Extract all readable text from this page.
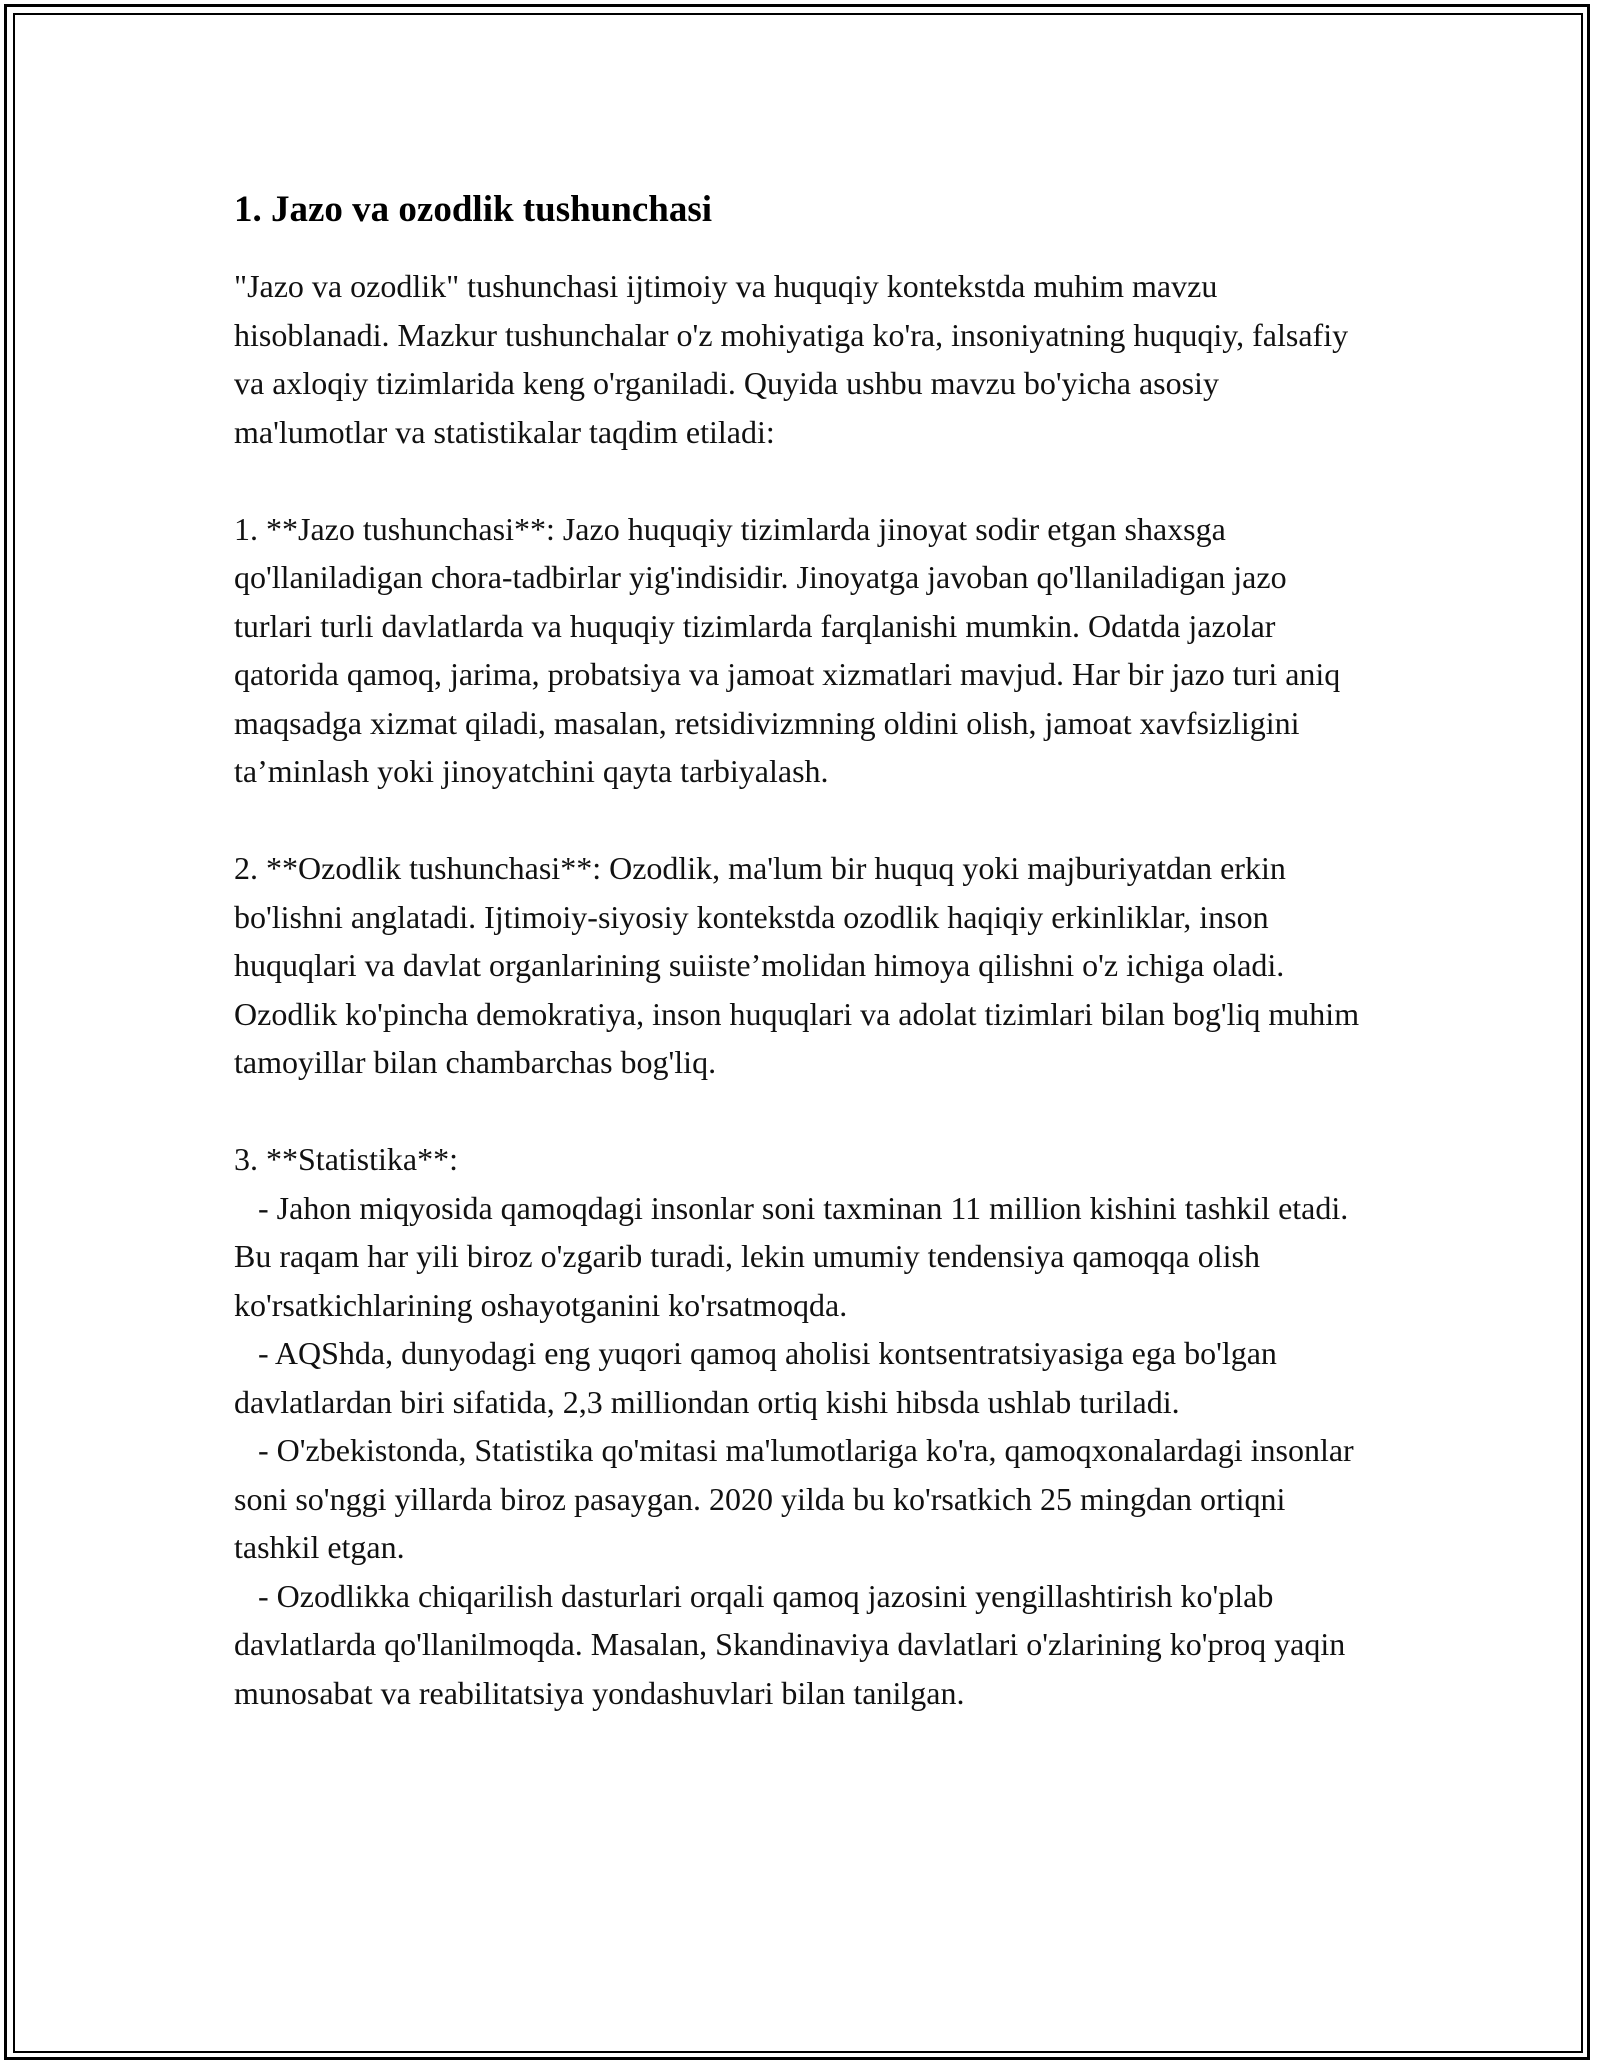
1. Jazo va ozodlik tushunchasi

"Jazo va ozodlik" tushunchasi ijtimoiy va huquqiy kontekstda muhim mavzu hisoblanadi. Mazkur tushunchalar o'z mohiyatiga ko'ra, insoniyatning huquqiy, falsafiy va axloqiy tizimlarida keng o'rganiladi. Quyida ushbu mavzu bo'yicha asosiy ma'lumotlar va statistikalar taqdim etiladi:

1. **Jazo tushunchasi**: Jazo huquqiy tizimlarda jinoyat sodir etgan shaxsga qo'llaniladigan chora-tadbirlar yig'indisidir. Jinoyatga javoban qo'llaniladigan jazo turlari turli davlatlarda va huquqiy tizimlarda farqlanishi mumkin. Odatda jazolar qatorida qamoq, jarima, probatsiya va jamoat xizmatlari mavjud. Har bir jazo turi aniq maqsadga xizmat qiladi, masalan, retsidivizmning oldini olish, jamoat xavfsizligini ta’minlash yoki jinoyatchini qayta tarbiyalash.

2. **Ozodlik tushunchasi**: Ozodlik, ma'lum bir huquq yoki majburiyatdan erkin bo'lishni anglatadi. Ijtimoiy-siyosiy kontekstda ozodlik haqiqiy erkinliklar, inson huquqlari va davlat organlarining suiiste’molidan himoya qilishni o'z ichiga oladi. Ozodlik ko'pincha demokratiya, inson huquqlari va adolat tizimlari bilan bog'liq muhim tamoyillar bilan chambarchas bog'liq.

3. **Statistika**:

- Jahon miqyosida qamoqdagi insonlar soni taxminan 11 million kishini tashkil etadi. Bu raqam har yili biroz o'zgarib turadi, lekin umumiy tendensiya qamoqqa olish ko'rsatkichlarining oshayotganini ko'rsatmoqda.

- AQShda, dunyodagi eng yuqori qamoq aholisi kontsentratsiyasiga ega bo'lgan davlatlardan biri sifatida, 2,3 milliondan ortiq kishi hibsda ushlab turiladi.

- O'zbekistonda, Statistika qo'mitasi ma'lumotlariga ko'ra, qamoqxonalardagi insonlar soni so'nggi yillarda biroz pasaygan. 2020 yilda bu ko'rsatkich 25 mingdan ortiqni tashkil etgan.

- Ozodlikka chiqarilish dasturlari orqali qamoq jazosini yengillashtirish ko'plab davlatlarda qo'llanilmoqda. Masalan, Skandinaviya davlatlari o'zlarining ko'proq yaqin munosabat va reabilitatsiya yondashuvlari bilan tanilgan.
